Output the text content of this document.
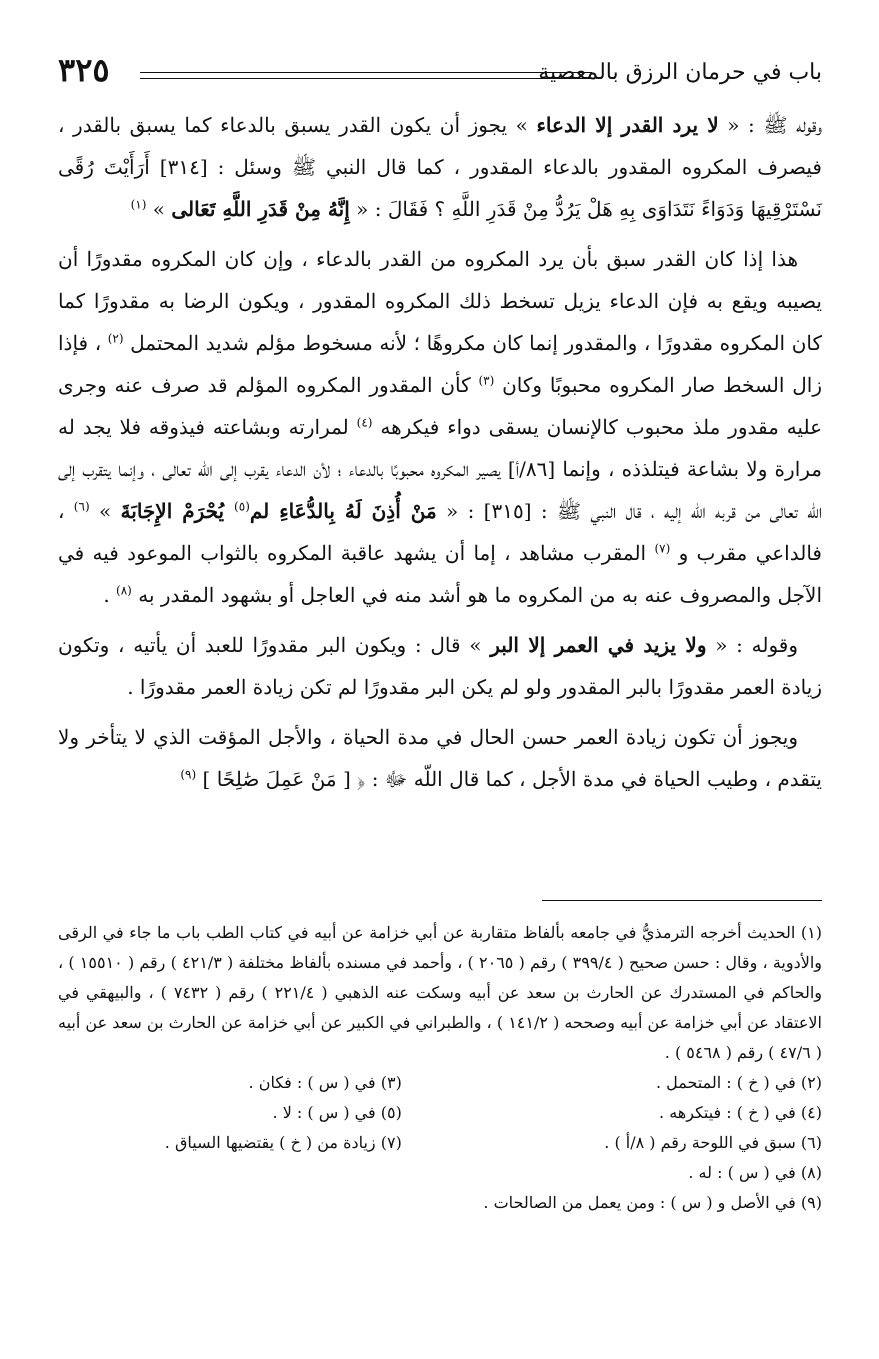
باب في حرمان الرزق بالمعصية
٣٢٥

وقوله ﷺ : « لا يرد القدر إلا الدعاء » يجوز أن يكون القدر يسبق بالدعاء كما يسبق بالقدر ، فيصرف المكروه المقدور بالدعاء المقدور ، كما قال النبي ﷺ وسئل : [٣١٤] أَرَأَيْتَ رُقًى نَسْتَرْقِيهَا وَدَوَاءً نَتَدَاوَى بِهِ هَلْ يَرُدُّ مِنْ قَدَرِ اللَّهِ ؟ فَقَالَ : « إِنَّهُ مِنْ قَدَرِ اللَّهِ تَعَالى » $^{(١)}$

هذا إذا كان القدر سبق بأن يرد المكروه من القدر بالدعاء ، وإن كان المكروه مقدورًا أن يصيبه ويقع به فإن الدعاء يزيل تسخط ذلك المكروه المقدور ، ويكون الرضا به مقدورًا كما كان المكروه مقدورًا ، والمقدور إنما كان مكروهًا ؛ لأنه مسخوط مؤلم شديد المحتمل $^{(٢)}$ ، فإذا زال السخط صار المكروه محبوبًا وكان $^{(٣)}$ كأن المقدور المكروه المؤلم قد صرف عنه وجرى عليه مقدور ملذ محبوب كالإنسان يسقى دواء فيكرهه $^{(٤)}$ لمرارته وبشاعته فيذوقه فلا يجد له مرارة ولا بشاعة فيتلذذه ، وإنما [٨٦/أ] يصير المكروه محبوبًا بالدعاء ؛ لأن الدعاء يقرب إلى اللّه تعالى ، وإنما يتقرب إلى اللّه تعالى من قربه اللّه إليه ، قال النبي ﷺ : [٣١٥] : « مَنْ أُذِنَ لَهُ بِالدُّعَاءِ لم$^{(٥)}$ يُحْرَمْ الإِجَابَةَ » $^{(٦)}$ ، فالداعي مقرب و $^{(٧)}$ المقرب مشاهد ، إما أن يشهد عاقبة المكروه بالثواب الموعود فيه في الآجل والمصروف عنه به من المكروه ما هو أشد منه في العاجل أو بشهود المقدر به $^{(٨)}$ .

وقوله : « ولا يزيد في العمر إلا البر » قال : ويكون البر مقدورًا للعبد أن يأتيه ، وتكون زيادة العمر مقدورًا بالبر المقدور ولو لم يكن البر مقدورًا لم تكن زيادة العمر مقدورًا .

ويجوز أن تكون زيادة العمر حسن الحال في مدة الحياة ، والأجل المؤقت الذي لا يتأخر ولا يتقدم ، وطيب الحياة في مدة الأجل ، كما قال اللّه ﷻ : ﴿ [ مَنْ عَمِلَ صَٰلِحًا ] $^{(٩)}$

(١) الحديث أخرجه الترمذيُّ في جامعه بألفاظ متقاربة عن أبي خزامة عن أبيه في كتاب الطب باب ما جاء في الرقى والأدوية ، وقال : حسن صحيح ( ٣٩٩/٤ ) رقم ( ٢٠٦٥ ) ، وأحمد في مسنده بألفاظ مختلفة ( ٤٢١/٣ ) رقم ( ١٥٥١٠ ) ، والحاكم في المستدرك عن الحارث بن سعد عن أبيه وسكت عنه الذهبي ( ٢٢١/٤ ) رقم ( ٧٤٣٢ ) ، والبيهقي في الاعتقاد عن أبي خزامة عن أبيه وصححه ( ١٤١/٢ ) ، والطبراني في الكبير عن أبي خزامة عن الحارث بن سعد عن أبيه ( ٤٧/٦ ) رقم ( ٥٤٦٨ ) .

(٢) في ( خ ) : المتحمل .
(٣) في ( س ) : فكان .
(٤) في ( خ ) : فيتكرهه .
(٥) في ( س ) : لا .
(٦) سبق في اللوحة رقم ( ٨/أ ) .
(٧) زيادة من ( خ ) يقتضيها السياق .

(٨) في ( س ) : له .

(٩) في الأصل و ( س ) : ومن يعمل من الصالحات .
